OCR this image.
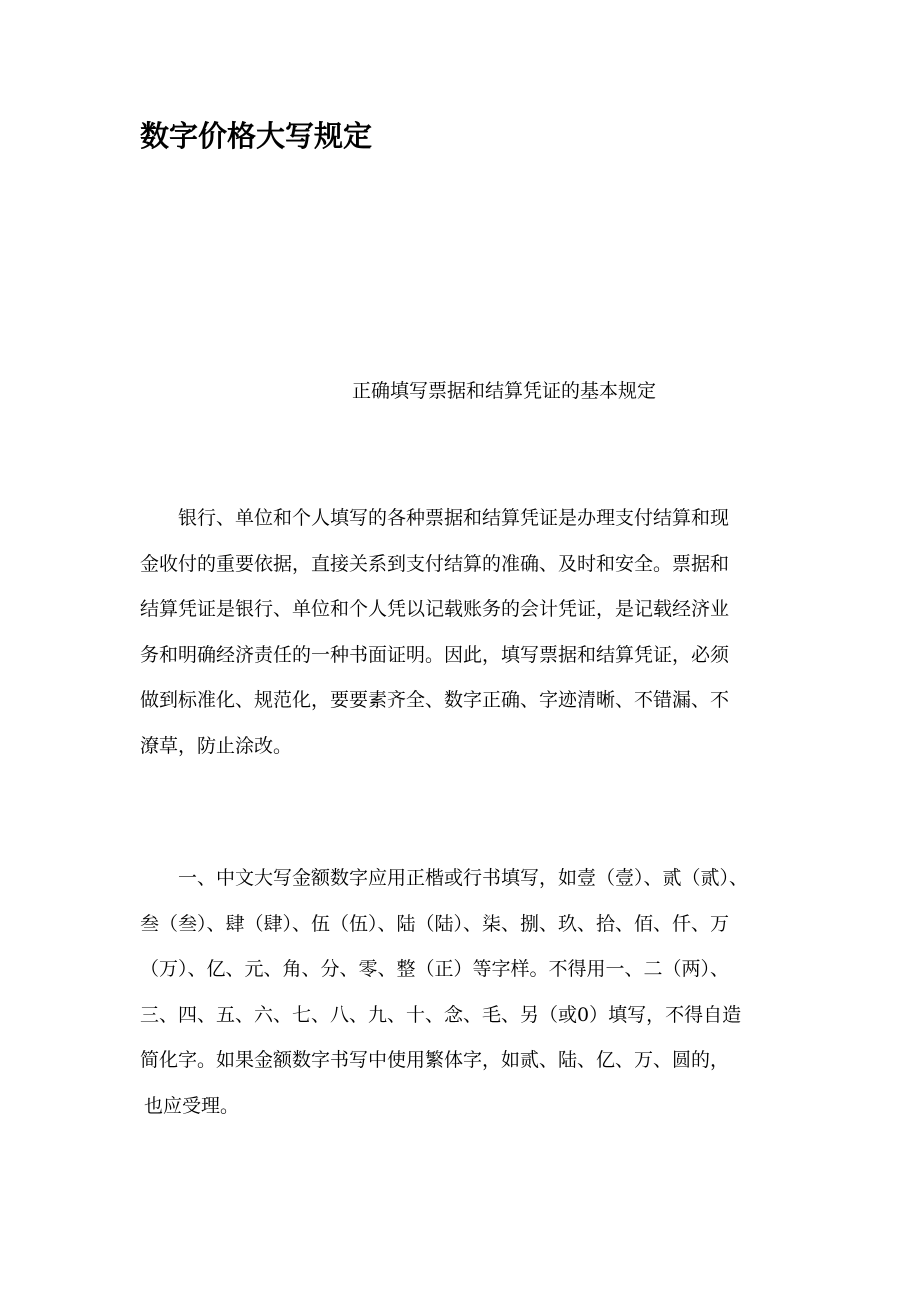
数字价格大写规定

正确填写票据和结算凭证的基本规定

银行、单位和个人填写的各种票据和结算凭证是办理支付结算和现
金收付的重要依据，直接关系到支付结算的准确、及时和安全。票据和
结算凭证是银行、单位和个人凭以记载账务的会计凭证，是记载经济业
务和明确经济责任的一种书面证明。因此，填写票据和结算凭证，必须
做到标准化、规范化，要要素齐全、数字正确、字迹清晰、不错漏、不
潦草，防止涂改。
一、中文大写金额数字应用正楷或行书填写，如壹（壹）、贰（贰）、
叁（叁）、肆（肆）、伍（伍）、陆（陆）、柒、捌、玖、拾、佰、仟、万
（万）、亿、元、角、分、零、整（正）等字样。不得用一、二（两）、
三、四、五、六、七、八、九、十、念、毛、另（或0）填写，不得自造
简化字。如果金额数字书写中使用繁体字，如贰、陆、亿、万、圆的，
也应受理。
